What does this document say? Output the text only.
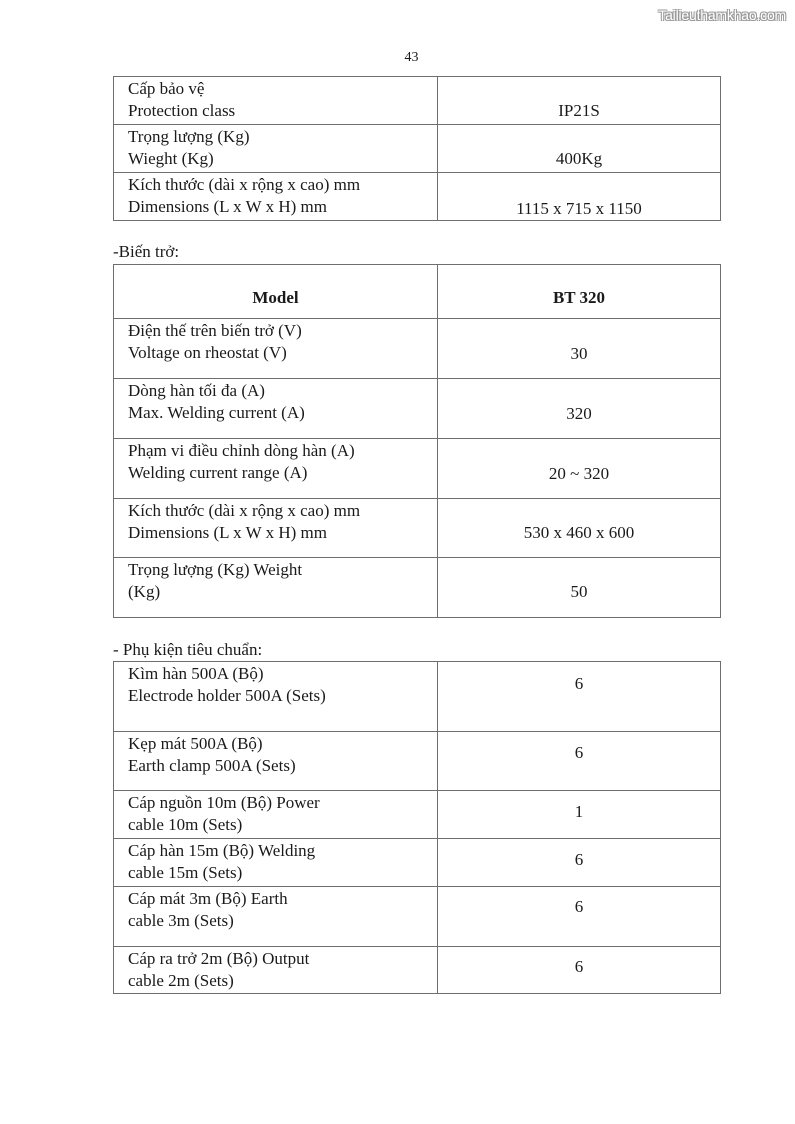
Tailieuthamkhao.com
43
Cấp bảo vệ
Protection class	IP21S

Trọng lượng (Kg)
Wieght (Kg)	400Kg

Kích thước (dài x rộng x cao) mm
Dimensions (L x W x H) mm	1115 x 715 x 1150
-Biến trở:
Model	BT 320

Điện thế trên biến trở (V)
Voltage on rheostat (V)	30

Dòng hàn tối đa (A)
Max. Welding current (A)	320

Phạm vi điều chỉnh dòng hàn (A)
Welding current range (A)	20 ~ 320

Kích thước (dài x rộng x cao) mm
Dimensions (L x W x H) mm	530 x 460 x 600

Trọng lượng (Kg) Weight
(Kg)	50
- Phụ kiện tiêu chuẩn:
Kìm hàn 500A (Bộ)
Electrode holder 500A (Sets)	6

Kẹp mát 500A (Bộ)
Earth clamp 500A (Sets)	6

Cáp nguồn 10m (Bộ) Power
cable 10m (Sets)	1

Cáp hàn 15m (Bộ) Welding
cable 15m (Sets)	6

Cáp mát 3m (Bộ) Earth
cable 3m (Sets)	6

Cáp ra trở 2m (Bộ) Output
cable 2m (Sets)	6
